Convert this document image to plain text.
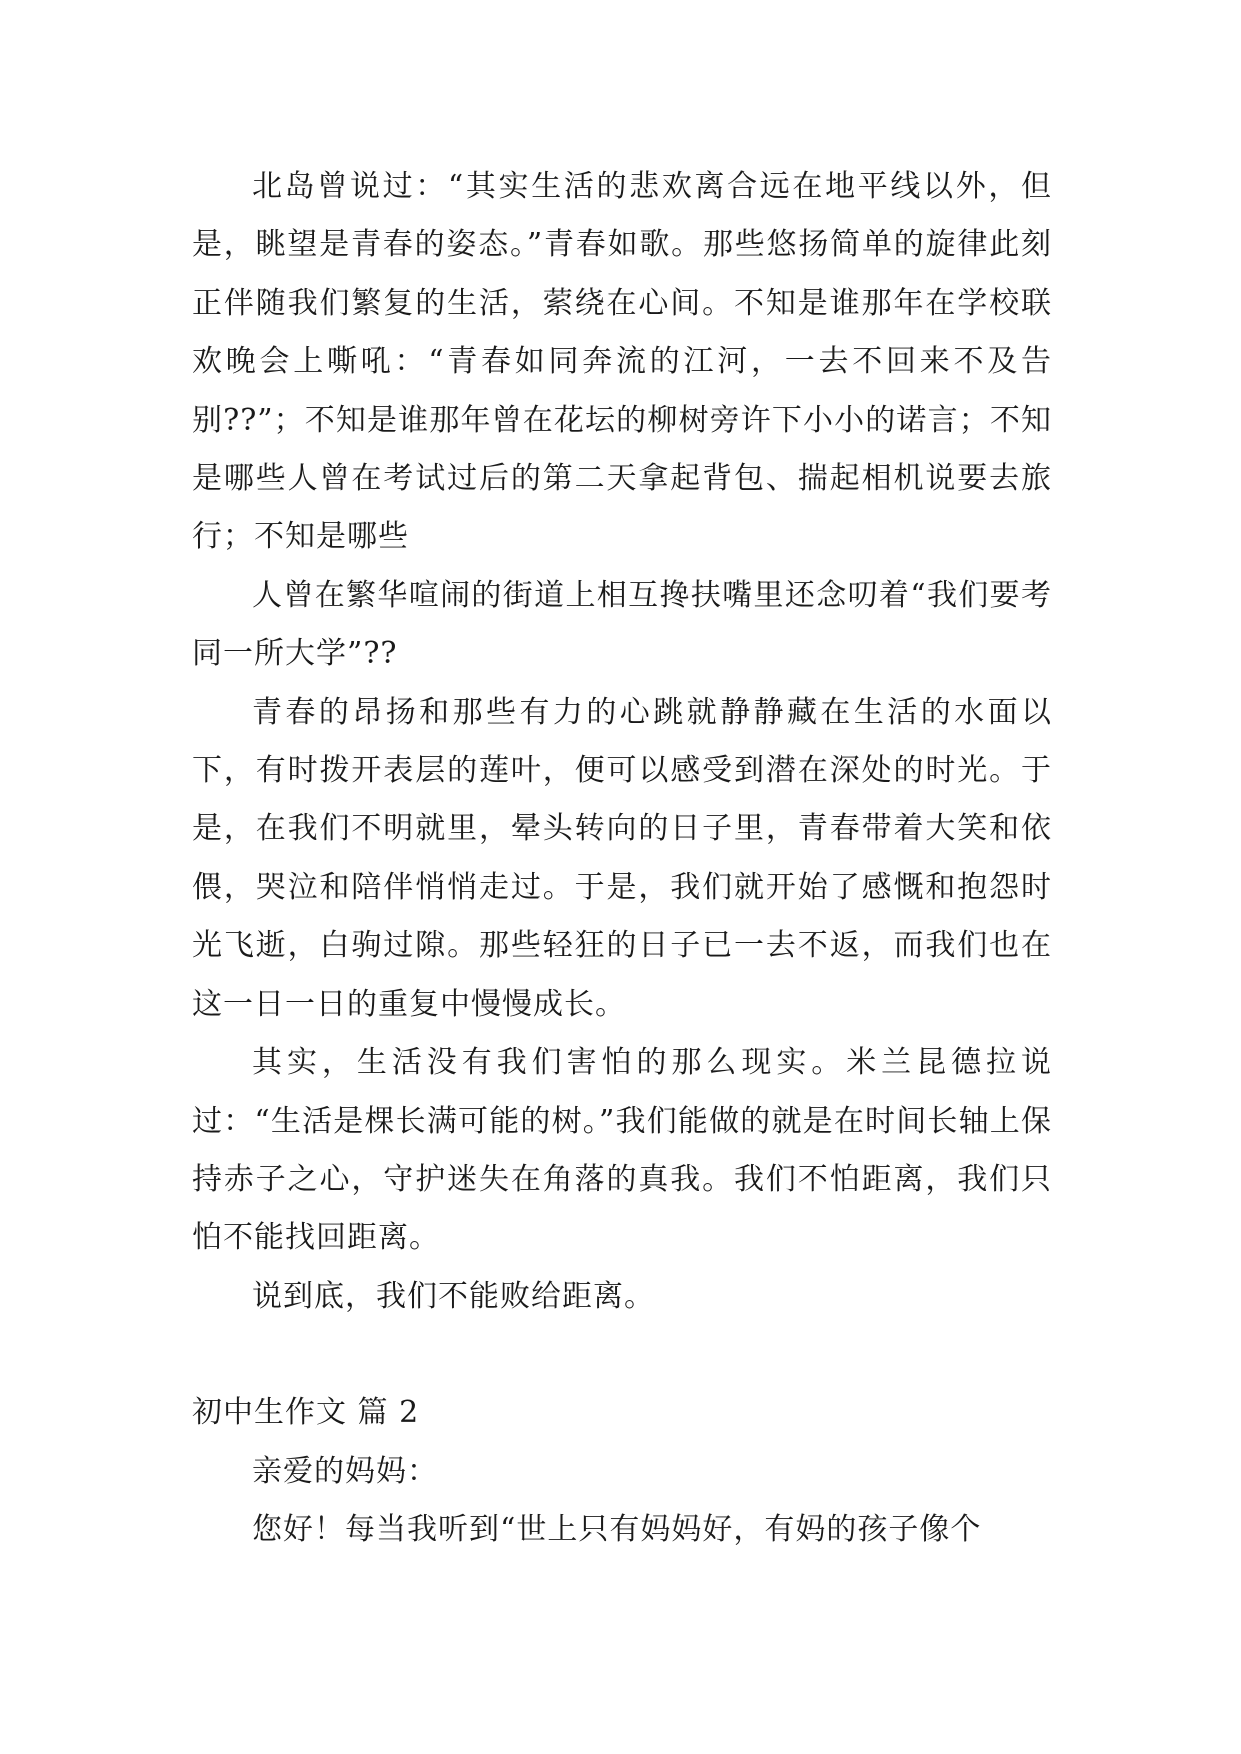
北岛曾说过：“其实生活的悲欢离合远在地平线以外，但是，眺望是青春的姿态。”青春如歌。那些悠扬简单的旋律此刻正伴随我们繁复的生活，萦绕在心间。不知是谁那年在学校联欢晚会上嘶吼：“青春如同奔流的江河，一去不回来不及告别??”；不知是谁那年曾在花坛的柳树旁许下小小的诺言；不知是哪些人曾在考试过后的第二天拿起背包、揣起相机说要去旅行；不知是哪些

人曾在繁华喧闹的街道上相互搀扶嘴里还念叨着“我们要考同一所大学”??

青春的昂扬和那些有力的心跳就静静藏在生活的水面以下，有时拨开表层的莲叶，便可以感受到潜在深处的时光。于是，在我们不明就里，晕头转向的日子里，青春带着大笑和依偎，哭泣和陪伴悄悄走过。于是，我们就开始了感慨和抱怨时光飞逝，白驹过隙。那些轻狂的日子已一去不返，而我们也在这一日一日的重复中慢慢成长。

其实，生活没有我们害怕的那么现实。米兰昆德拉说过：“生活是棵长满可能的树。”我们能做的就是在时间长轴上保持赤子之心，守护迷失在角落的真我。我们不怕距离，我们只怕不能找回距离。

说到底，我们不能败给距离。

初中生作文 篇 2

亲爱的妈妈：

您好！每当我听到“世上只有妈妈好，有妈的孩子像个
